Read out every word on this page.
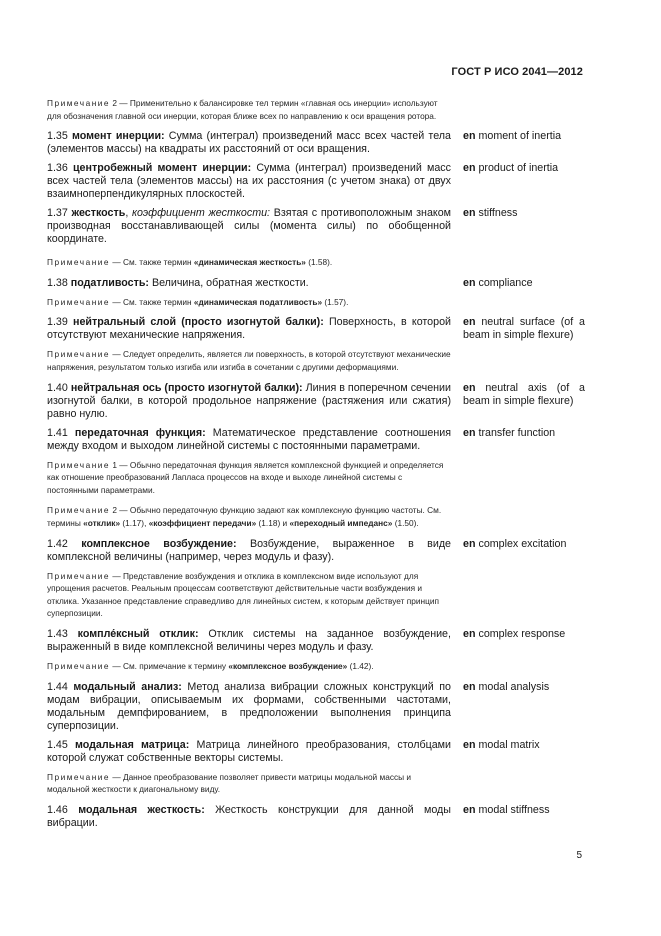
ГОСТ Р ИСО 2041—2012

Примечание 2 — Применительно к балансировке тел термин «главная ось инерции» используют для обозначения главной оси инерции, которая ближе всех по направлению к оси вращения ротора.

1.35 момент инерции: Сумма (интеграл) произведений масс всех частей тела (элементов массы) на квадраты их расстояний от оси вращения.
en moment of inertia
1.36 центробежный момент инерции: Сумма (интеграл) произведений масс всех частей тела (элементов массы) на их расстояния (с учетом знака) от двух взаимноперпендикулярных плоскостей.
en product of inertia
1.37 жесткость, коэффициент жесткости: Взятая с противоположным знаком производная восстанавливающей силы (момента силы) по обобщенной координате.
en stiffness

Примечание — См. также термин «динамическая жесткость» (1.58).

1.38 податливость: Величина, обратная жесткости.	en compliance

Примечание — См. также термин «динамическая податливость» (1.57).

1.39 нейтральный слой (просто изогнутой балки): Поверхность, в которой отсутствуют механические напряжения.
en neutral surface (of a beam in simple flexure)

Примечание — Следует определить, является ли поверхность, в которой отсутствуют механические напряжения, результатом только изгиба или изгиба в сочетании с другими деформациями.

1.40 нейтральная ось (просто изогнутой балки): Линия в поперечном сечении изогнутой балки, в которой продольное напряжение (растяжения или сжатия) равно нулю.
en neutral axis (of a beam in simple flexure)
1.41 передаточная функция: Математическое представление соотношения между входом и выходом линейной системы с постоянными параметрами.
en transfer function

Примечание 1 — Обычно передаточная функция является комплексной функцией и определяется как отношение преобразований Лапласа процессов на входе и выходе линейной системы с постоянными параметрами.

Примечание 2 — Обычно передаточную функцию задают как комплексную функцию частоты. См. термины «отклик» (1.17), «коэффициент передачи» (1.18) и «переходный импеданс» (1.50).

1.42 комплексное возбуждение: Возбуждение, выраженное в виде комплексной величины (например, через модуль и фазу).
en complex excitation

Примечание — Представление возбуждения и отклика в комплексном виде используют для упрощения расчетов. Реальным процессам соответствуют действительные части возбуждения и отклика. Указанное представление справедливо для линейных систем, к которым действует принцип суперпозиции.

1.43 компле́ксный отклик: Отклик системы на заданное возбуждение, выраженный в виде комплексной величины через модуль и фазу.
en complex response

Примечание — См. примечание к термину «комплексное возбуждение» (1.42).

1.44 модальный анализ: Метод анализа вибрации сложных конструкций по модам вибрации, описываемым их формами, собственными частотами, модальным демпфированием, в предположении выполнения принципа суперпозиции.
en modal analysis
1.45 модальная матрица: Матрица линейного преобразования, столбцами которой служат собственные векторы системы.
en modal matrix

Примечание — Данное преобразование позволяет привести матрицы модальной массы и модальной жесткости к диагональному виду.

1.46 модальная жесткость: Жесткость конструкции для данной моды вибрации.
en modal stiffness
5
